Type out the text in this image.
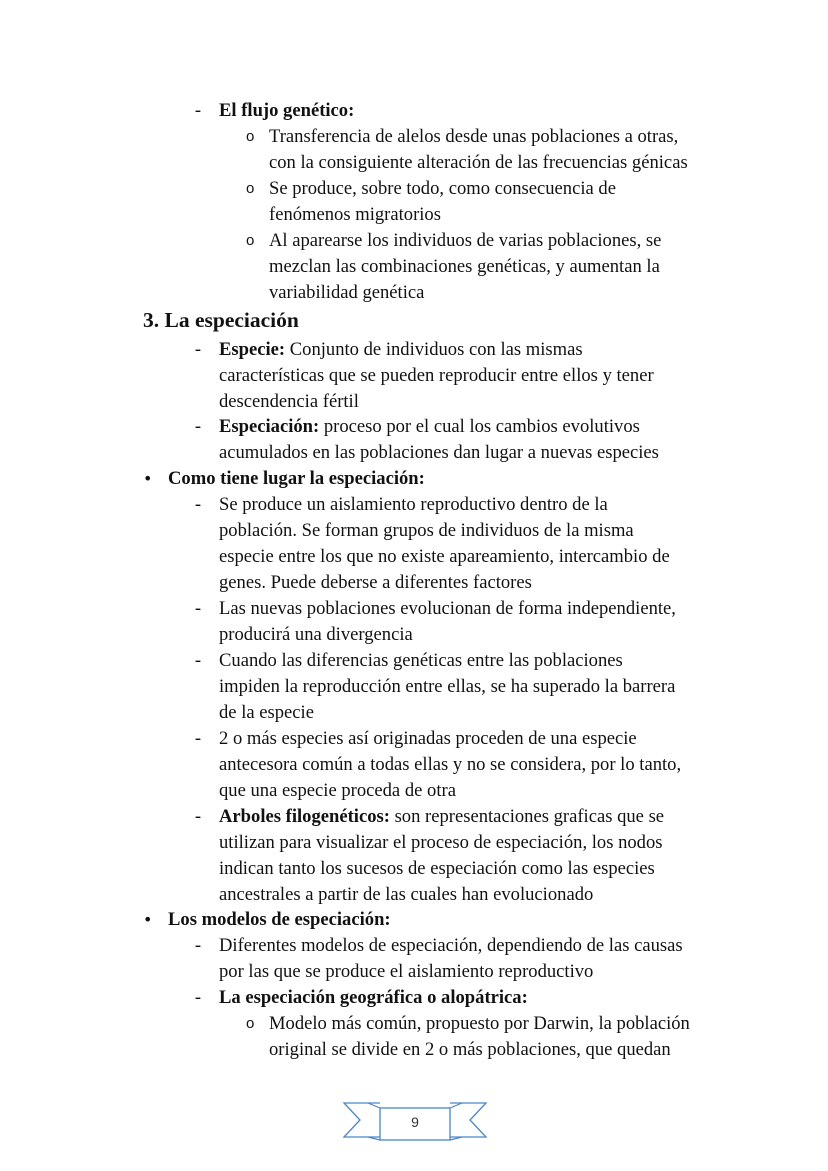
- El flujo genético:
o Transferencia de alelos desde unas poblaciones a otras,
con la consiguiente alteración de las frecuencias génicas
o Se produce, sobre todo, como consecuencia de
fenómenos migratorios
o Al aparearse los individuos de varias poblaciones, se
mezclan las combinaciones genéticas, y aumentan la
variabilidad genética
3. La especiación
- Especie: Conjunto de individuos con las mismas
características que se pueden reproducir entre ellos y tener
descendencia fértil
- Especiación: proceso por el cual los cambios evolutivos
acumulados en las poblaciones dan lugar a nuevas especies
• Como tiene lugar la especiación:
- Se produce un aislamiento reproductivo dentro de la
población. Se forman grupos de individuos de la misma
especie entre los que no existe apareamiento, intercambio de
genes. Puede deberse a diferentes factores
- Las nuevas poblaciones evolucionan de forma independiente,
producirá una divergencia
- Cuando las diferencias genéticas entre las poblaciones
impiden la reproducción entre ellas, se ha superado la barrera
de la especie
- 2 o más especies así originadas proceden de una especie
antecesora común a todas ellas y no se considera, por lo tanto,
que una especie proceda de otra
- Arboles filogenéticos: son representaciones graficas que se
utilizan para visualizar el proceso de especiación, los nodos
indican tanto los sucesos de especiación como las especies
ancestrales a partir de las cuales han evolucionado
• Los modelos de especiación:
- Diferentes modelos de especiación, dependiendo de las causas
por las que se produce el aislamiento reproductivo
- La especiación geográfica o alopátrica:
o Modelo más común, propuesto por Darwin, la población
original se divide en 2 o más poblaciones, que quedan
9
